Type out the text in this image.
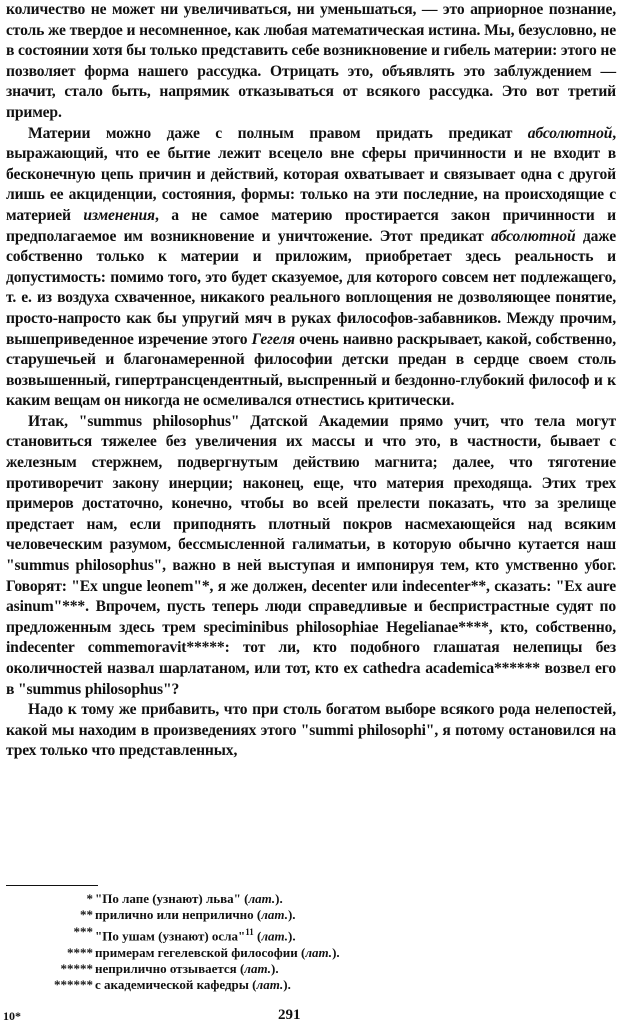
количество не может ни увеличиваться, ни уменьшаться, — это априорное познание, столь же твердое и несомненное, как любая математическая истина. Мы, безусловно, не в состоянии хотя бы только представить себе возникновение и гибель материи: этого не позволяет форма нашего рассудка. Отрицать это, объявлять это заблуждением — значит, стало быть, напрямик отказываться от всякого рассудка. Это вот третий пример.

Материи можно даже с полным правом придать предикат абсолютной, выражающий, что ее бытие лежит всецело вне сферы причинности и не входит в бесконечную цепь причин и действий, которая охватывает и связывает одна с другой лишь ее акциденции, состояния, формы: только на эти последние, на происходящие с материей изменения, а не самое материю простирается закон причинности и предполагаемое им возникновение и уничтожение. Этот предикат абсолютной даже собственно только к материи и приложим, приобретает здесь реальность и допустимость: помимо того, это будет сказуемое, для которого совсем нет подлежащего, т. е. из воздуха схваченное, никакого реального воплощения не дозволяющее понятие, просто-напросто как бы упругий мяч в руках философов-забавников. Между прочим, вышеприведенное изречение этого Гегеля очень наивно раскрывает, какой, собственно, старушечьей и благонамеренной философии детски предан в сердце своем столь возвышенный, гипертрансцендентный, выспренный и бездонно-глубокий философ и к каким вещам он никогда не осмеливался отнестись критически.

Итак, "summus philosophus" Датской Академии прямо учит, что тела могут становиться тяжелее без увеличения их массы и что это, в частности, бывает с железным стержнем, подвергнутым действию магнита; далее, что тяготение противоречит закону инерции; наконец, еще, что материя преходяща. Этих трех примеров достаточно, конечно, чтобы во всей прелести показать, что за зрелище предстает нам, если приподнять плотный покров насмехающейся над всяким человеческим разумом, бессмысленной галиматьи, в которую обычно кутается наш "summus philosophus", важно в ней выступая и импонируя тем, кто умственно убог. Говорят: "Ex ungue leonem"*, я же должен, decenter или indecenter**, сказать: "Ex aure asinum"***. Впрочем, пусть теперь люди справедливые и беспристрастные судят по предложенным здесь трем speciminibus philosophiae Hegelianae****, кто, собственно, indecenter commemoravit*****: тот ли, кто подобного глашатая нелепицы без околичностей назвал шарлатаном, или тот, кто ex cathedra academica****** возвел его в "summus philosophus"?

Надо к тому же прибавить, что при столь богатом выборе всякого рода нелепостей, какой мы находим в произведениях этого "summi philosophi", я потому остановился на трех только что представленных,

* "По лапе (узнают) льва" (лат.).
** прилично или неприлично (лат.).
*** "По ушам (узнают) осла"$^{11}$ (лат.).
**** примерам гегелевской философии (лат.).
***** неприлично отзывается (лат.).
****** с академической кафедры (лат.).
10*	291
